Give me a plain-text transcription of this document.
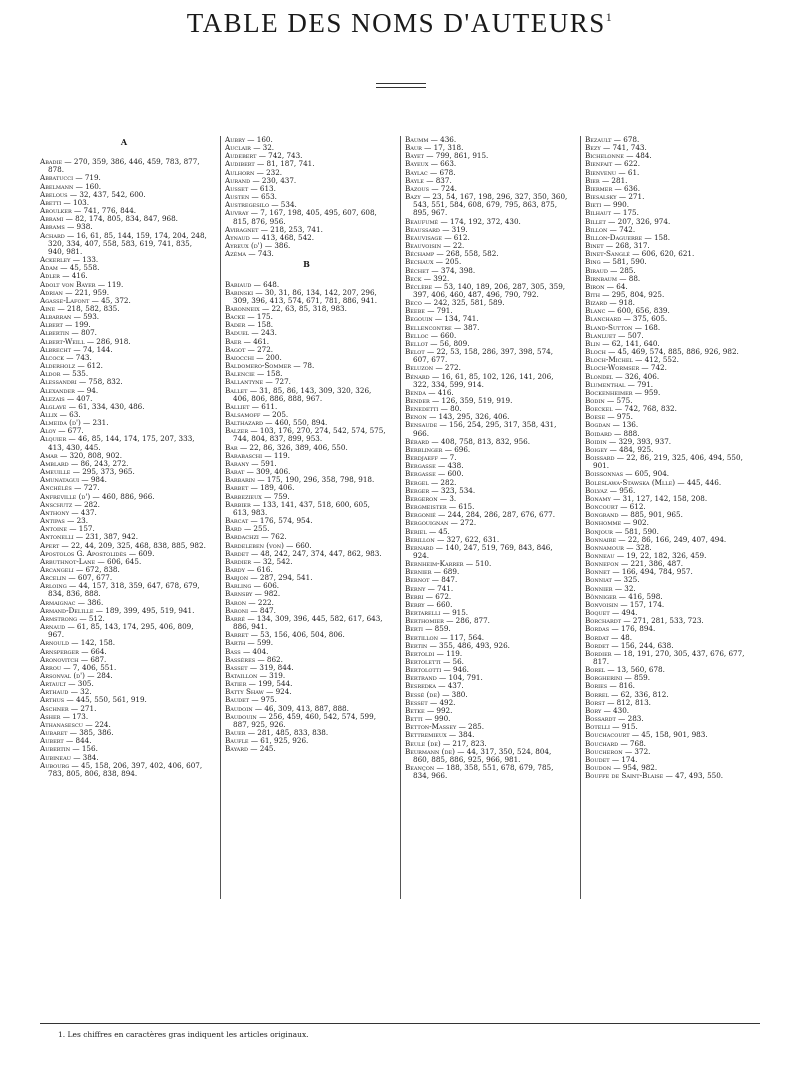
TABLE DES NOMS D'AUTEURS$^1$
A
Abadie — 270, 359, 386, 446, 459, 783, 877, 878.
Abbatucci — 719.
Abelmann — 160.
Abelous — 32, 437, 542, 600.
Abetti — 103.
Aboulker — 741, 776, 844.
Abrami — 82, 174, 805, 834, 847, 968.
Abrams — 938.
Achard — 16, 61, 85, 144, 159, 174, 204, 248, 320, 334, 407, 558, 583, 619, 741, 835, 940, 981.
Ackerley — 133.
Adam — 45, 558.
Adler — 416.
Adolt von Bayer — 119.
Adrian — 221, 959.
Agasse-Lafont — 45, 372.
Aine — 218, 582, 835.
Albarran — 593.
Albert — 199.
Albertin — 807.
Albert-Weill — 286, 918.
Albrecht — 74, 144.
Alcock — 743.
Alderholz — 612.
Aldor — 535.
Alessandri — 758, 832.
Alexander — 94.
Alezais — 407.
Alglave — 61, 334, 430, 486.
Allix — 63.
Almeida (d') — 231.
Aloy — 677.
Alquier — 46, 85, 144, 174, 175, 207, 333, 413, 430, 445.
Amar — 320, 808, 902.
Amblard — 86, 243, 272.
Ameuille — 295, 373, 965.
Amunatagui — 984.
Anchélès — 727.
Anfreville (d') — 460, 886, 966.
Anschutz — 282.
Anthony — 437.
Antipas — 23.
Antoine — 157.
Antonelli — 231, 387, 942.
Apert — 22, 44, 209, 325, 468, 838, 885, 982.
Apostolos G. Apostolidès — 609.
Arbuthnot-Lane — 606, 645.
Arcangeli — 672, 838.
Arcelin — 607, 677.
Arloing — 44, 157, 318, 359, 647, 678, 679, 834, 836, 888.
Armaignac — 386.
Armand-Delille — 189, 399, 495, 519, 941.
Armstrong — 512.
Arnaud — 61, 85, 143, 174, 295, 406, 809, 967.
Arnould — 142, 158.
Arnsperger — 664.
Aronovitch — 687.
Arrou — 7, 406, 551.
Arsonval (d') — 284.
Artault — 305.
Arthaud — 32.
Arthus — 445, 550, 561, 919.
Aschner — 271.
Asher — 173.
Athanasescu — 224.
Aubaret — 385, 386.
Aubert — 844.
Aubertin — 156.
Aubineau — 384.
Aubourg — 45, 158, 206, 397, 402, 406, 607, 783, 805, 806, 838, 894.
Aubry — 160.
Auclair — 32.
Audebert — 742, 743.
Audibert — 81, 187, 741.
Aulhorn — 232.
Aurand — 230, 437.
Ausset — 613.
Austen — 653.
Austregesilo — 534.
Auvray — 7, 167, 198, 405, 495, 607, 608, 815, 876, 956.
Aviragnet — 218, 253, 741.
Aynaud — 413, 468, 542.
Ayreux (d') — 386.
Azéma — 743.
B
Babiaud — 648.
Babinski — 30, 31, 86, 134, 142, 207, 296, 309, 396, 413, 574, 671, 781, 886, 941.
Baronneix — 22, 63, 85, 318, 983.
Backe — 175.
Bader — 158.
Baduel — 243.
Baer — 461.
Bagot — 272.
Baiocchi — 200.
Baldomero-Sommer — 78.
Balencie — 158.
Ballantyne — 727.
Ballet — 31, 85, 86, 143, 309, 320, 326, 406, 806, 886, 888, 967.
Balliet — 611.
Balsamoff — 205.
Balthazard — 460, 550, 894.
Balzer — 103, 176, 270, 274, 542, 574, 575, 744, 804, 837, 899, 953.
Bar — 22, 86, 326, 389, 406, 550.
Barabaschi — 119.
Barany — 591.
Barat — 309, 406.
Barbarin — 175, 190, 296, 358, 798, 918.
Barbet — 189, 406.
Barbezieux — 759.
Barbier — 133, 141, 437, 518, 600, 605, 613, 983.
Barcat — 176, 574, 954.
Bard — 255.
Bardachzi — 762.
Bardeleben (von) — 660.
Bardet — 48, 242, 247, 374, 447, 862, 983.
Bardier — 32, 542.
Bardy — 616.
Barjon — 287, 294, 541.
Barling — 606.
Barnsby — 982.
Baron — 222.
Baroni — 847.
Barré — 134, 309, 396, 445, 582, 617, 643, 886, 941.
Barret — 53, 156, 406, 504, 806.
Barth — 599.
Bass — 404.
Bassères — 862.
Basset — 319, 844.
Bataillon — 319.
Batier — 199, 544.
Batty Shaw — 924.
Baudet — 975.
Baudoin — 46, 309, 413, 887, 888.
Baudouin — 256, 459, 460, 542, 574, 599, 887, 925, 926.
Bauer — 281, 485, 833, 838.
Baufle — 61, 925, 926.
Bayard — 245.
Baumm — 436.
Baur — 17, 318.
Bayet — 799, 861, 915.
Bayeux — 663.
Baylac — 678.
Bayle — 837.
Bazous — 724.
Bazy — 23, 54, 167, 198, 296, 327, 350, 360, 543, 551, 584, 608, 679, 795, 863, 875, 895, 967.
Beaufumé — 174, 192, 372, 430.
Beaussard — 319.
Beauvisage — 612.
Beauvoisin — 22.
Béchamp — 268, 558, 582.
Bechaux — 205.
Béchet — 374, 398.
Beck — 392.
Béclère — 53, 140, 189, 206, 287, 305, 359, 397, 406, 460, 487, 496, 790, 792.
Beco — 242, 325, 581, 589.
Beebe — 791.
Begouin — 134, 741.
Bellencontre — 387.
Belloc — 660.
Bellot — 56, 809.
Belot — 22, 53, 158, 286, 397, 398, 574, 607, 677.
Beluzon — 272.
Bénard — 16, 61, 85, 102, 126, 141, 206, 322, 334, 599, 914.
Benda — 416.
Bender — 126, 359, 519, 919.
Benedetti — 80.
Benon — 143, 295, 326, 406.
Bensaude — 156, 254, 295, 317, 358, 431, 966.
Bérard — 408, 758, 813, 832, 956.
Berblinger — 696.
Berdjaeff — 7.
Bergasse — 438.
Bergasse — 600.
Bergel — 282.
Berger — 323, 534.
Bergeron — 3.
Bergmeister — 615.
Bergonié — 244, 284, 286, 287, 676, 677.
Bergouignan — 272.
Beriel — 45.
Berillon — 327, 622, 631.
Bernard — 140, 247, 519, 769, 843, 846, 924.
Bernheim-Karrer — 510.
Bernier — 689.
Bernot — 847.
Berny — 741.
Berri — 672.
Berry — 660.
Bertarelli — 915.
Berthomier — 286, 877.
Berti — 859.
Bertillon — 117, 564.
Bertin — 355, 486, 493, 926.
Bertoldi — 119.
Bertoletti — 56.
Bertolotti — 946.
Bertrand — 104, 791.
Besredka — 437.
Bessé (de) — 380.
Besset — 492.
Betke — 992.
Betti — 990.
Betton-Massey — 285.
Bettremieux — 384.
Beule (de) — 217, 823.
Beurmann (de) — 44, 317, 350, 524, 804, 860, 885, 886, 925, 966, 981.
Beançon — 188, 358, 551, 678, 679, 785, 834, 966.
Bezault — 678.
Bezy — 741, 743.
Bichelonne — 484.
Bienfait — 622.
Bienvenu — 61.
Bier — 281.
Biermer — 636.
Biesalsky — 271.
Bieti — 990.
Bilhaut — 175.
Billet — 207, 326, 974.
Billon — 742.
Billon-Daguerre — 158.
Binet — 268, 317.
Binet-Sanglé — 606, 620, 621.
Bing — 581, 590.
Biraud — 285.
Birnbaum — 88.
Biron — 64.
Bith — 295, 804, 925.
Bizard — 918.
Blanc — 600, 656, 839.
Blanchard — 375, 605.
Bland-Sutton — 168.
Blanluet — 507.
Blin — 62, 141, 640.
Bloch — 45, 469, 574, 885, 886, 926, 982.
Bloch-Michel — 412, 552.
Bloch-Wormser — 742.
Blondel — 326, 406.
Blumenthal — 791.
Bockenheimer — 959.
Bodin — 575.
Boeckel — 742, 768, 832.
Boese — 975.
Bogdan — 136.
Boidard — 888.
Boidin — 329, 393, 937.
Boigey — 484, 925.
Boissard — 22, 86, 219, 325, 406, 494, 550, 901.
Boissonnas — 605, 904.
Boleslawa-Stawska (Mlle) — 445, 446.
Bolvaz — 956.
Bonamy — 31, 127, 142, 158, 208.
Boncourt — 612.
Bongrand — 885, 901, 965.
Bonhomme — 902.
Bonjour — 581, 590.
Bonnaire — 22, 86, 166, 249, 407, 494.
Bonnamour — 328.
Bonneau — 19, 22, 182, 326, 459.
Bonnefon — 221, 386, 487.
Bonnet — 166, 494, 784, 957.
Bonniat — 325.
Bonnier — 32.
Bönniger — 416, 598.
Bonvoisin — 157, 174.
Boquet — 494.
Borchardt — 271, 281, 533, 723.
Bordas — 176, 894.
Bordat — 48.
Bordet — 156, 244, 638.
Bordier — 18, 191, 270, 305, 437, 676, 677, 817.
Borel — 13, 560, 678.
Borgherini — 859.
Bories — 816.
Borrel — 62, 336, 812.
Borst — 812, 813.
Bory — 430.
Bossardt — 283.
Botelli — 915.
Bouchacourt — 45, 158, 901, 983.
Bouchard — 768.
Boucheron — 372.
Boudet — 174.
Boudon — 954, 982.
Bouffe de Saint-Blaise — 47, 493, 550.
1. Les chiffres en caractères gras indiquent les articles originaux.
